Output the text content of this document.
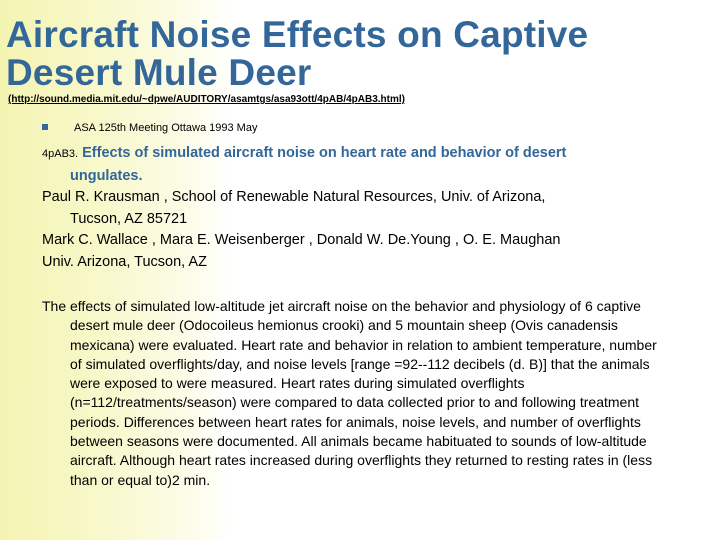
Aircraft Noise Effects on Captive Desert Mule Deer
(http://sound.media.mit.edu/~dpwe/AUDITORY/asamtgs/asa93ott/4pAB/4pAB3.html)
ASA 125th Meeting Ottawa 1993 May
4pAB3. Effects of simulated aircraft noise on heart rate and behavior of desert
ungulates.
Paul R. Krausman , School of Renewable Natural Resources, Univ. of Arizona,
Tucson, AZ 85721
Mark C. Wallace , Mara E. Weisenberger , Donald W. De.Young , O. E. Maughan
Univ. Arizona, Tucson, AZ

The effects of simulated low-altitude jet aircraft noise on the behavior and physiology of 6 captive desert mule deer (Odocoileus hemionus crooki) and 5 mountain sheep (Ovis canadensis mexicana) were evaluated. Heart rate and behavior in relation to ambient temperature, number of simulated overflights/day, and noise levels [range =92--112 decibels (d. B)] that the animals were exposed to were measured. Heart rates during simulated overflights (n=112/treatments/season) were compared to data collected prior to and following treatment periods. Differences between heart rates for animals, noise levels, and number of overflights between seasons were documented. All animals became habituated to sounds of low-altitude aircraft. Although heart rates increased during overflights they returned to resting rates in (less than or equal to)2 min.
